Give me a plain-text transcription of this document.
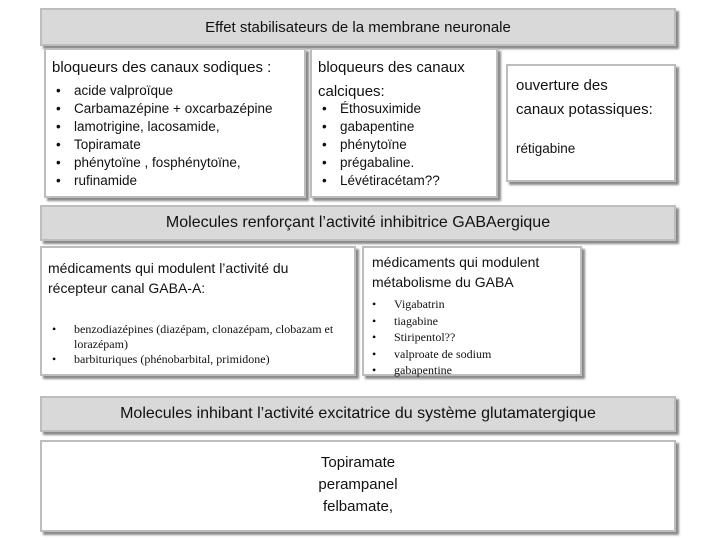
Effet stabilisateurs de la membrane neuronale
bloqueurs des canaux sodiques :
• acide valproïque
• Carbamazépine + oxcarbazépine
• lamotrigine, lacosamide,
• Topiramate
• phénytoïne , fosphénytoïne,
• rufinamide
bloqueurs des canaux
calciques:
• Éthosuximide
• gabapentine
• phénytoïne
• prégabaline.
• Lévétiracétam??
ouverture des
canaux potassiques:
rétigabine
Molecules renforçant l’activité inhibitrice GABAergique
médicaments qui modulent l’activité du
récepteur canal GABA-A:
• benzodiazépines (diazépam, clonazépam, clobazam et lorazépam)
• barbituriques (phénobarbital, primidone)
médicaments qui modulent
métabolisme du GABA
• Vigabatrin
• tiagabine
• Stiripentol??
• valproate de sodium
• gabapentine
Molecules inhibant l’activité excitatrice du système glutamatergique
Topiramate
perampanel
felbamate,
